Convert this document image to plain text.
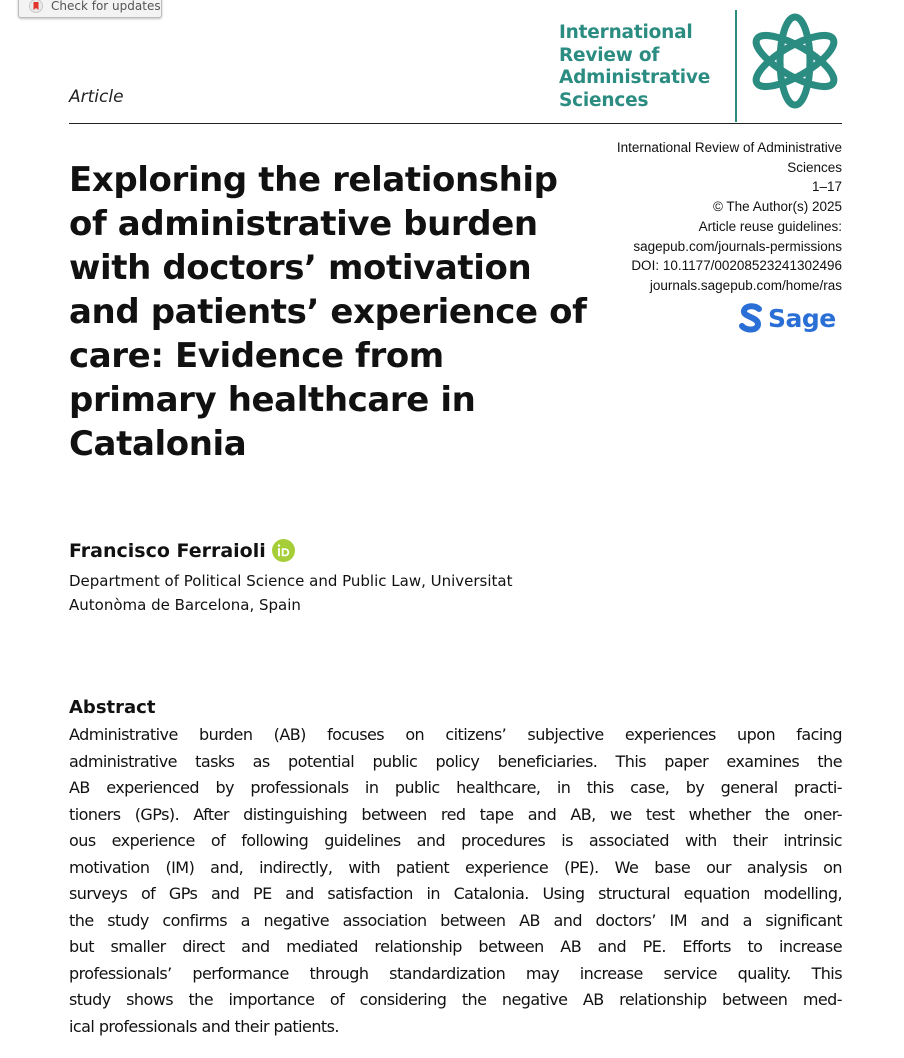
Check for updates
International
Review of
Administrative
Sciences
Article
International Review of Administrative
Sciences
1–17
© The Author(s) 2025
Article reuse guidelines:
sagepub.com/journals-permissions
DOI: 10.1177/00208523241302496
journals.sagepub.com/home/ras
Sage
Exploring the relationship of administrative burden with doctors’ motivation and patients’ experience of care: Evidence from primary healthcare in Catalonia
Francisco Ferraioli
Department of Political Science and Public Law, Universitat
Autonòma de Barcelona, Spain
Abstract
Administrative burden (AB) focuses on citizens’ subjective experiences upon facing
administrative tasks as potential public policy beneficiaries. This paper examines the
AB experienced by professionals in public healthcare, in this case, by general practi-
tioners (GPs). After distinguishing between red tape and AB, we test whether the oner-
ous experience of following guidelines and procedures is associated with their intrinsic
motivation (IM) and, indirectly, with patient experience (PE). We base our analysis on
surveys of GPs and PE and satisfaction in Catalonia. Using structural equation modelling,
the study confirms a negative association between AB and doctors’ IM and a significant
but smaller direct and mediated relationship between AB and PE. Efforts to increase
professionals’ performance through standardization may increase service quality. This
study shows the importance of considering the negative AB relationship between med-
ical professionals and their patients.
